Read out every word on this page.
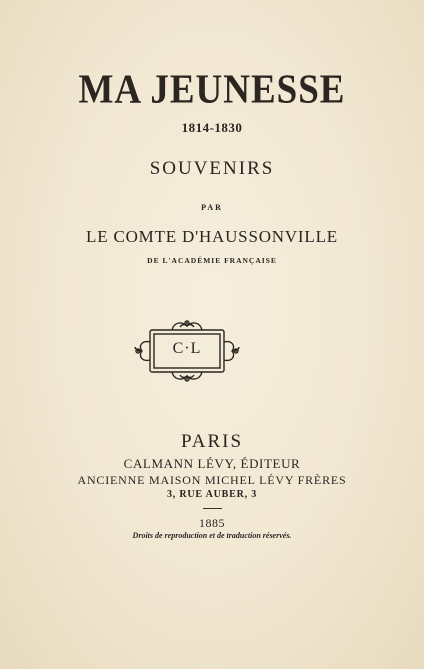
MA JEUNESSE
1814-1830
SOUVENIRS
PAR
LE COMTE D'HAUSSONVILLE
DE L'ACADÉMIE FRANÇAISE
C·L
PARIS
CALMANN LÉVY, ÉDITEUR
ANCIENNE MAISON MICHEL LÉVY FRÈRES
3, RUE AUBER, 3
1885
Droits de reproduction et de traduction réservés.
